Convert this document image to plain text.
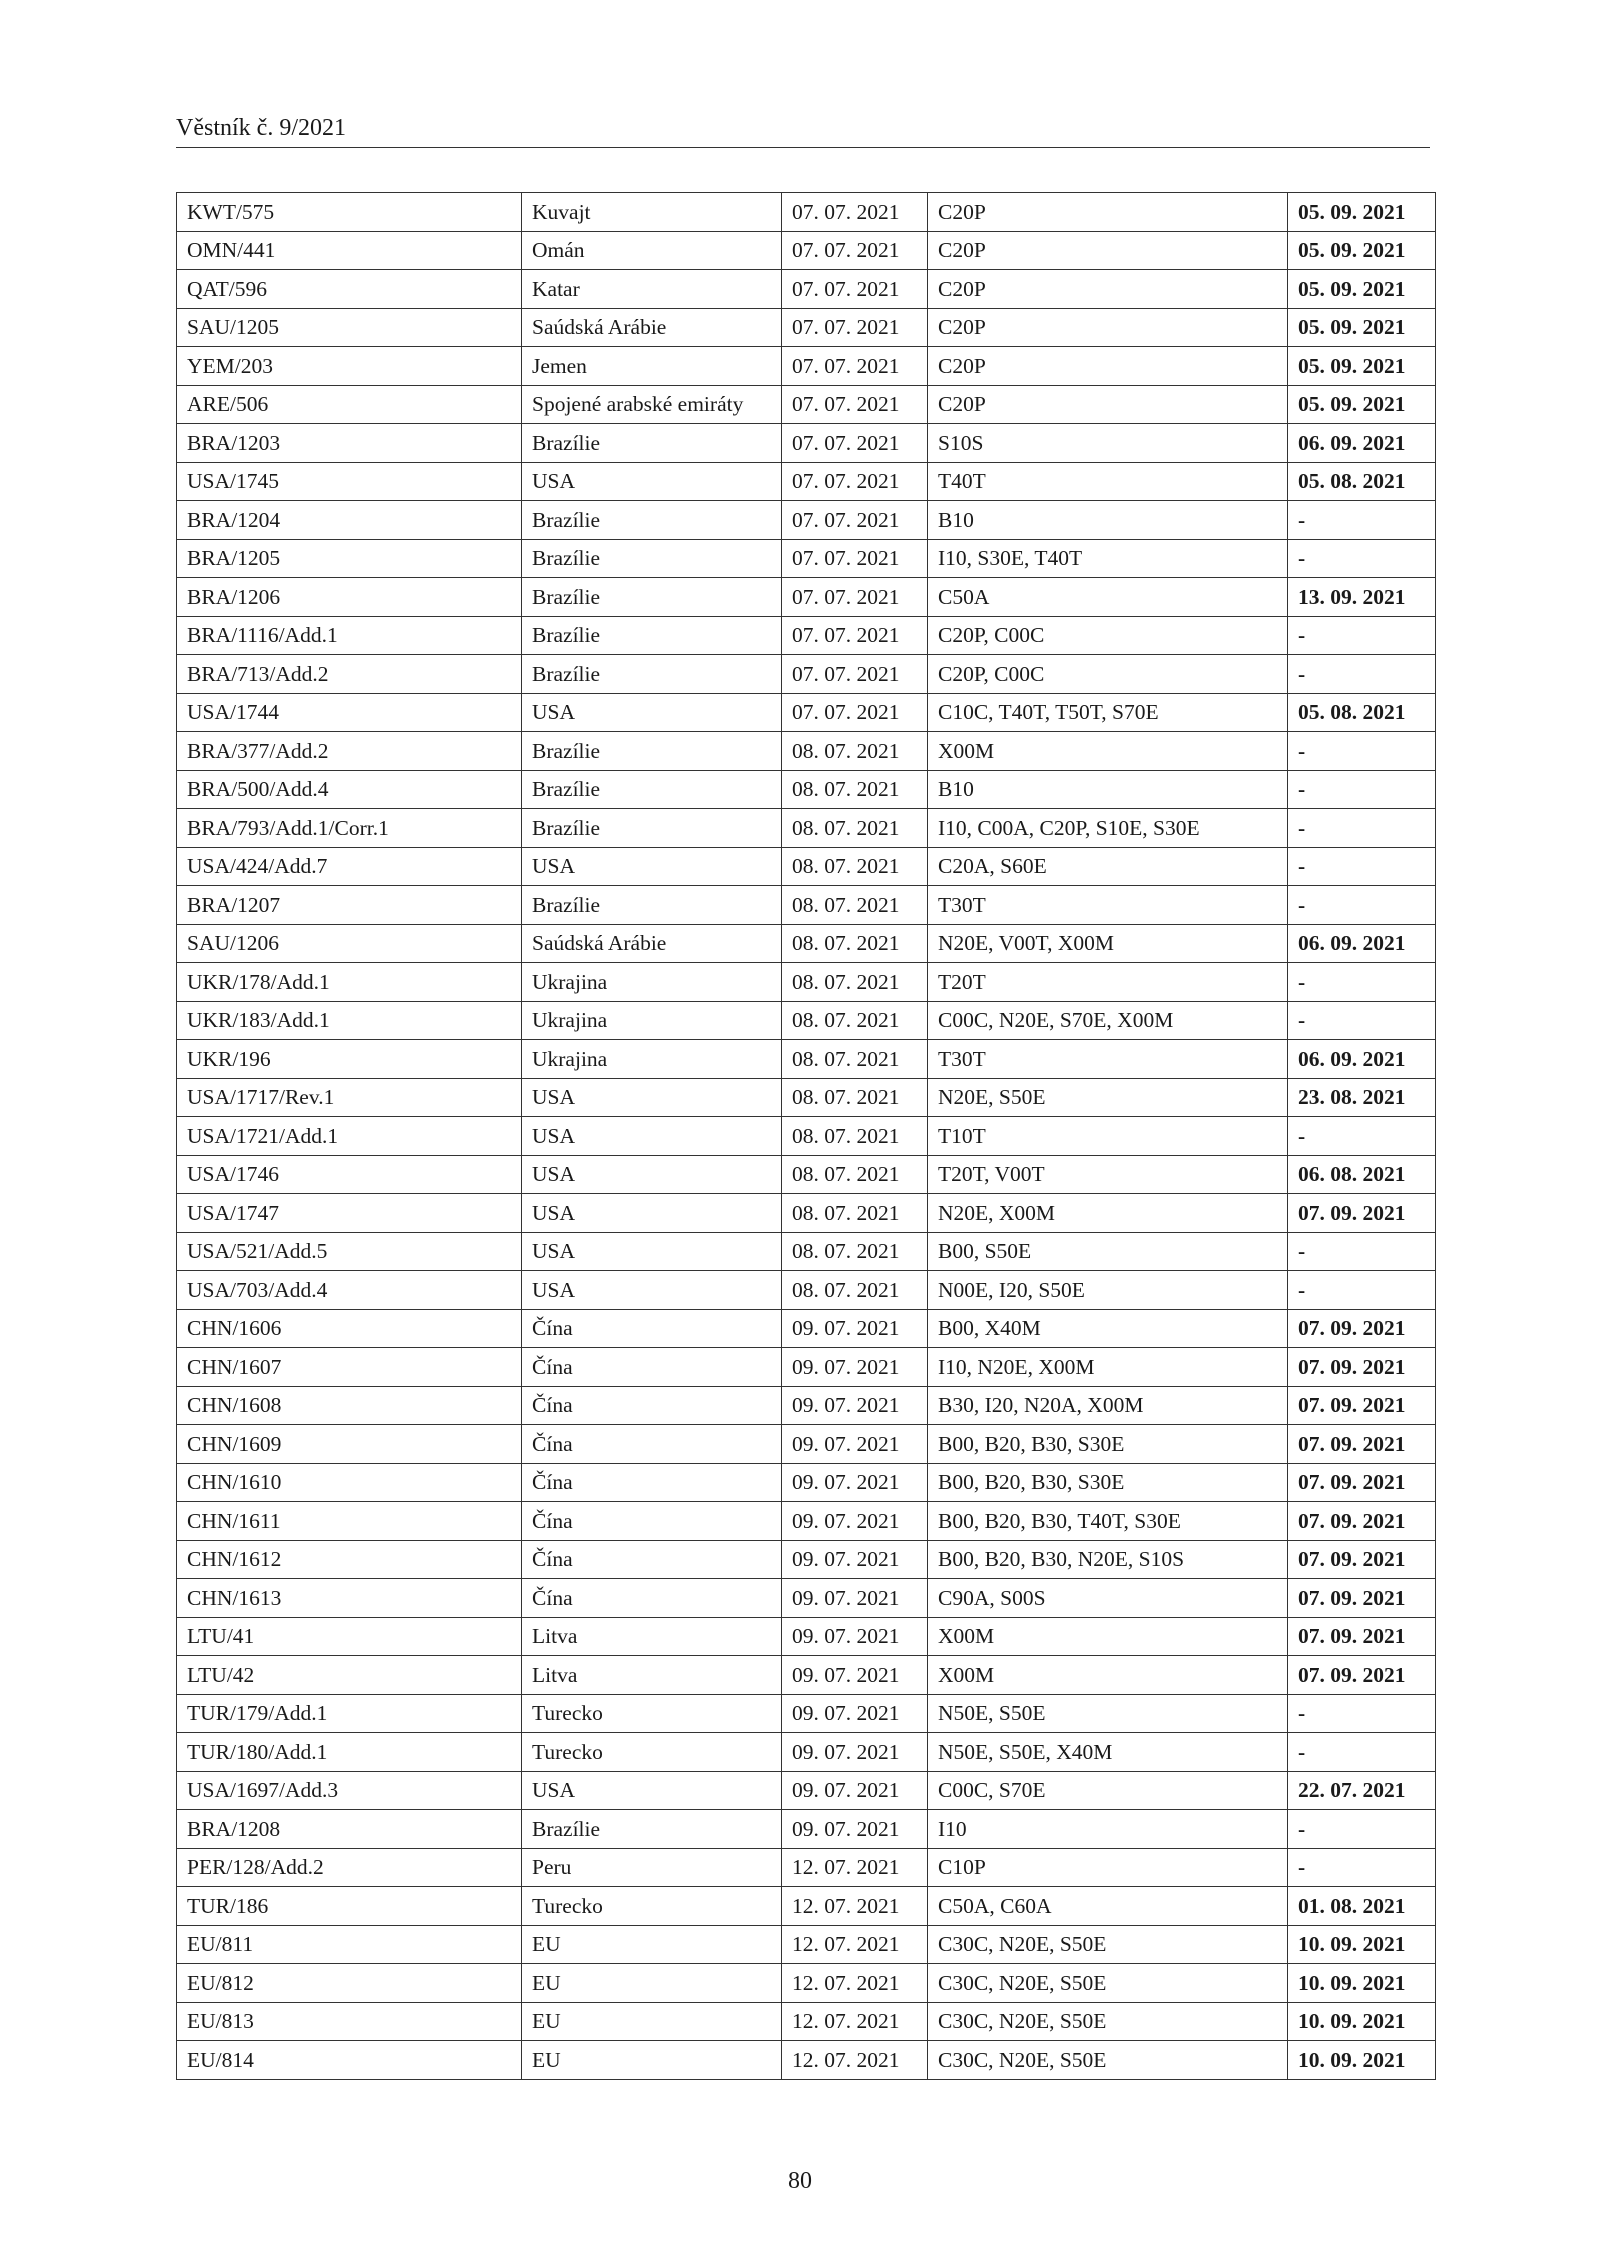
Věstník č. 9/2021
KWT/575	Kuvajt	07. 07. 2021	C20P	05. 09. 2021
OMN/441	Omán	07. 07. 2021	C20P	05. 09. 2021
QAT/596	Katar	07. 07. 2021	C20P	05. 09. 2021
SAU/1205	Saúdská Arábie	07. 07. 2021	C20P	05. 09. 2021
YEM/203	Jemen	07. 07. 2021	C20P	05. 09. 2021
ARE/506	Spojené arabské emiráty	07. 07. 2021	C20P	05. 09. 2021
BRA/1203	Brazílie	07. 07. 2021	S10S	06. 09. 2021
USA/1745	USA	07. 07. 2021	T40T	05. 08. 2021
BRA/1204	Brazílie	07. 07. 2021	B10	-
BRA/1205	Brazílie	07. 07. 2021	I10, S30E, T40T	-
BRA/1206	Brazílie	07. 07. 2021	C50A	13. 09. 2021
BRA/1116/Add.1	Brazílie	07. 07. 2021	C20P, C00C	-
BRA/713/Add.2	Brazílie	07. 07. 2021	C20P, C00C	-
USA/1744	USA	07. 07. 2021	C10C, T40T, T50T, S70E	05. 08. 2021
BRA/377/Add.2	Brazílie	08. 07. 2021	X00M	-
BRA/500/Add.4	Brazílie	08. 07. 2021	B10	-
BRA/793/Add.1/Corr.1	Brazílie	08. 07. 2021	I10, C00A, C20P, S10E, S30E	-
USA/424/Add.7	USA	08. 07. 2021	C20A, S60E	-
BRA/1207	Brazílie	08. 07. 2021	T30T	-
SAU/1206	Saúdská Arábie	08. 07. 2021	N20E, V00T, X00M	06. 09. 2021
UKR/178/Add.1	Ukrajina	08. 07. 2021	T20T	-
UKR/183/Add.1	Ukrajina	08. 07. 2021	C00C, N20E, S70E, X00M	-
UKR/196	Ukrajina	08. 07. 2021	T30T	06. 09. 2021
USA/1717/Rev.1	USA	08. 07. 2021	N20E, S50E	23. 08. 2021
USA/1721/Add.1	USA	08. 07. 2021	T10T	-
USA/1746	USA	08. 07. 2021	T20T, V00T	06. 08. 2021
USA/1747	USA	08. 07. 2021	N20E, X00M	07. 09. 2021
USA/521/Add.5	USA	08. 07. 2021	B00, S50E	-
USA/703/Add.4	USA	08. 07. 2021	N00E, I20, S50E	-
CHN/1606	Čína	09. 07. 2021	B00, X40M	07. 09. 2021
CHN/1607	Čína	09. 07. 2021	I10, N20E, X00M	07. 09. 2021
CHN/1608	Čína	09. 07. 2021	B30, I20, N20A, X00M	07. 09. 2021
CHN/1609	Čína	09. 07. 2021	B00, B20, B30, S30E	07. 09. 2021
CHN/1610	Čína	09. 07. 2021	B00, B20, B30, S30E	07. 09. 2021
CHN/1611	Čína	09. 07. 2021	B00, B20, B30, T40T, S30E	07. 09. 2021
CHN/1612	Čína	09. 07. 2021	B00, B20, B30, N20E, S10S	07. 09. 2021
CHN/1613	Čína	09. 07. 2021	C90A, S00S	07. 09. 2021
LTU/41	Litva	09. 07. 2021	X00M	07. 09. 2021
LTU/42	Litva	09. 07. 2021	X00M	07. 09. 2021
TUR/179/Add.1	Turecko	09. 07. 2021	N50E, S50E	-
TUR/180/Add.1	Turecko	09. 07. 2021	N50E, S50E, X40M	-
USA/1697/Add.3	USA	09. 07. 2021	C00C, S70E	22. 07. 2021
BRA/1208	Brazílie	09. 07. 2021	I10	-
PER/128/Add.2	Peru	12. 07. 2021	C10P	-
TUR/186	Turecko	12. 07. 2021	C50A, C60A	01. 08. 2021
EU/811	EU	12. 07. 2021	C30C, N20E, S50E	10. 09. 2021
EU/812	EU	12. 07. 2021	C30C, N20E, S50E	10. 09. 2021
EU/813	EU	12. 07. 2021	C30C, N20E, S50E	10. 09. 2021
EU/814	EU	12. 07. 2021	C30C, N20E, S50E	10. 09. 2021
80
